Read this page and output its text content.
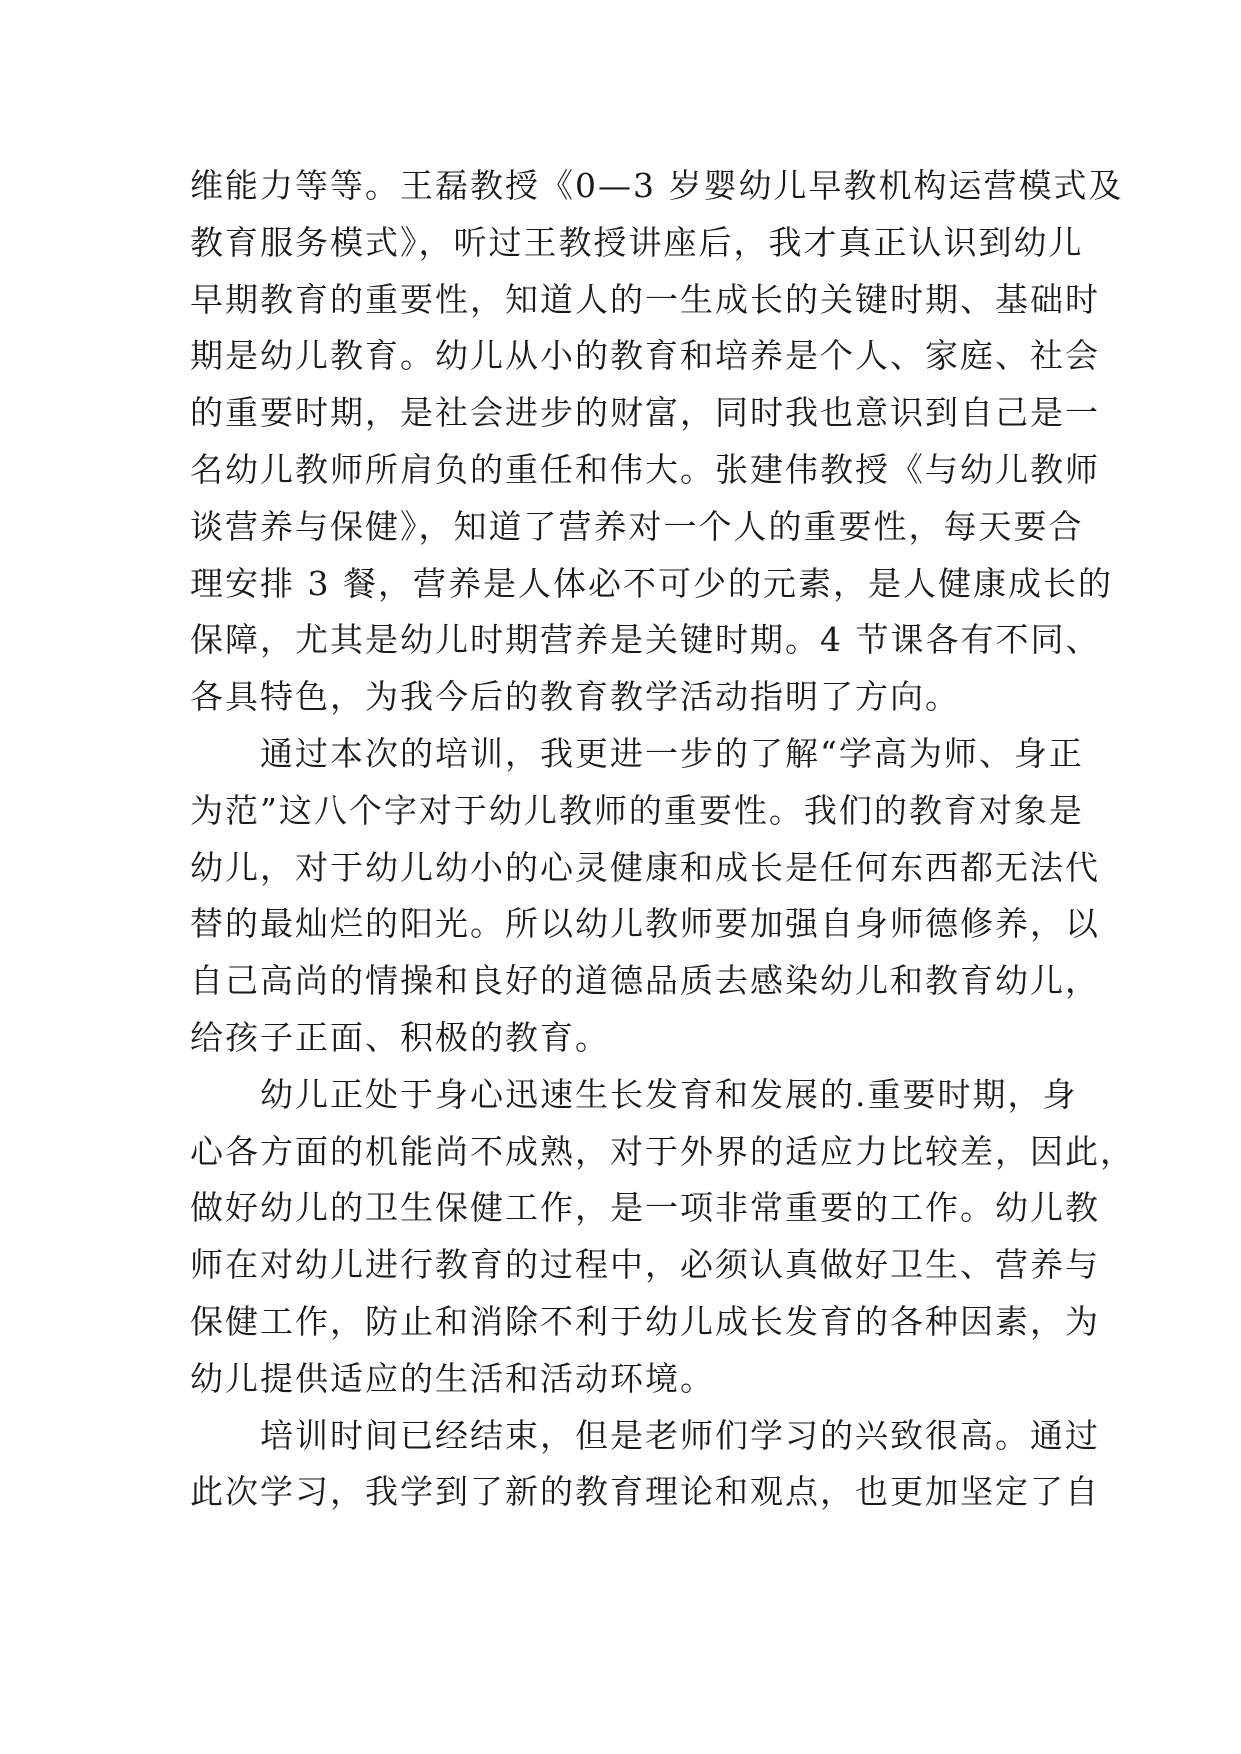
维能力等等。王磊教授《0—3 岁婴幼儿早教机构运营模式及
教育服务模式》，听过王教授讲座后，我才真正认识到幼儿
早期教育的重要性，知道人的一生成长的关键时期、基础时
期是幼儿教育。幼儿从小的教育和培养是个人、家庭、社会
的重要时期，是社会进步的财富，同时我也意识到自己是一
名幼儿教师所肩负的重任和伟大。张建伟教授《与幼儿教师
谈营养与保健》，知道了营养对一个人的重要性，每天要合
理安排 3 餐，营养是人体必不可少的元素，是人健康成长的
保障，尤其是幼儿时期营养是关键时期。4 节课各有不同、
各具特色，为我今后的教育教学活动指明了方向。
通过本次的培训，我更进一步的了解“学高为师、身正
为范”这八个字对于幼儿教师的重要性。我们的教育对象是
幼儿，对于幼儿幼小的心灵健康和成长是任何东西都无法代
替的最灿烂的阳光。所以幼儿教师要加强自身师德修养，以
自己高尚的情操和良好的道德品质去感染幼儿和教育幼儿，
给孩子正面、积极的教育。
幼儿正处于身心迅速生长发育和发展的.重要时期，身
心各方面的机能尚不成熟，对于外界的适应力比较差，因此，
做好幼儿的卫生保健工作，是一项非常重要的工作。幼儿教
师在对幼儿进行教育的过程中，必须认真做好卫生、营养与
保健工作，防止和消除不利于幼儿成长发育的各种因素，为
幼儿提供适应的生活和活动环境。
培训时间已经结束，但是老师们学习的兴致很高。通过
此次学习，我学到了新的教育理论和观点，也更加坚定了自
